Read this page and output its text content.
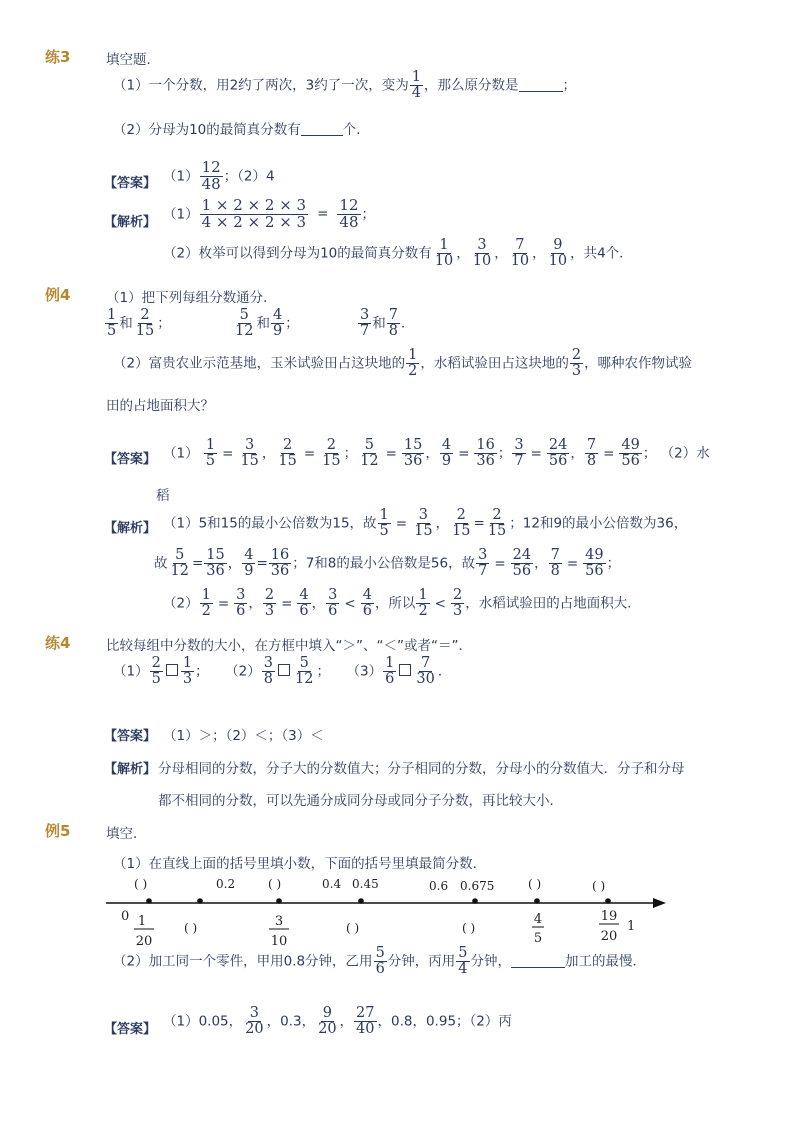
练3	填空题．
（1）一个分数，用2约了两次，3约了一次，变为 $\frac{1}{4}$ ，那么原分数是	；
（2）分母为10的最简真分数有	个．
【答案】 $(1) \frac{12}{48}$ ；（2）4
【解析】
$(1) \frac{1 \times 2 \times 2 \times 3}{4 \times 2 \times 2 \times 3} = \frac{12}{48}$ ；
（2）枚举可以得到分母为10的最简真分数有 $\frac{1}{10}$ ， $\frac{3}{10}$ ， $\frac{7}{10}$ ， $\frac{9}{10}$ ，共4个．
例4	（1）把下列每组分数通分．
$\frac{1}{5}$ 和 $\frac{2}{15}$ ；	$\frac{5}{12}$ 和 $\frac{4}{9}$ ；	$\frac{3}{7}$ 和 $\frac{7}{8}$ ．
（2）富贵农业示范基地，玉米试验田占这块地的 $\frac{1}{2}$ ，水稻试验田占这块地的 $\frac{2}{3}$ ，哪种农作物试验
田的占地面积大？
【答案】 $(1) \frac{1}{5} = \frac{3}{15}$ ， $\frac{2}{15} = \frac{2}{15}$ ； $\frac{5}{12} = \frac{15}{36}$ ， $\frac{4}{9} = \frac{16}{36}$ ； $\frac{3}{7} = \frac{24}{56}$ ， $\frac{7}{8} = \frac{49}{56}$ ； （2）水
稻
【解析】 （1）5和15的最小公倍数为15，故 $\frac{1}{5} = \frac{3}{15}$ ， $\frac{2}{15} = \frac{2}{15}$ ；12和9的最小公倍数为36，
故 $\frac{5}{12} = \frac{15}{36}$ ， $\frac{4}{9} = \frac{16}{36}$ ；7和8的最小公倍数是56，故 $\frac{3}{7} = \frac{24}{56}$ ， $\frac{7}{8} = \frac{49}{56}$ ；
$(2) \frac{1}{2} = \frac{3}{6}$ ， $\frac{2}{3} = \frac{4}{6}$ ， $\frac{3}{6} < \frac{4}{6}$ ，所以 $\frac{1}{2} < \frac{2}{3}$ ，水稻试验田的占地面积大．
练4	比较每组中分数的大小，在方框中填入“＞”、“＜”或者“＝”．
$(1) \frac{2}{5} \frac{1}{3}$ ； $(2) \frac{3}{8} \frac{5}{12}$ ； $(3) \frac{1}{6} \frac{7}{30}$ ．
【答案】 （1）＞；（2）＜；（3）＜
【解析】 分母相同的分数，分子大的分数值大；分子相同的分数，分母小的分数值大．分子和分母
都不相同的分数，可以先通分成同分母或同分子分数，再比较大小．
例5	填空．
（1）在直线上面的括号里填小数，下面的括号里填最简分数．
( )	0.2	( )	0.4 0.45	0.6 0.675	( )	( )
0 1
20
( )	3
10
( )	( )
4
5
19
20
1
（2）加工同一个零件，甲用0.8分钟，乙用 $\frac{5}{6}$ 分钟，丙用 $\frac{5}{4}$ 分钟，	加工的最慢．
【答案】 （1）0.05， $\frac{3}{20}$ ，0.3， $\frac{9}{20}$ ， $\frac{27}{40}$ ，0.8，0.95；（2）丙
